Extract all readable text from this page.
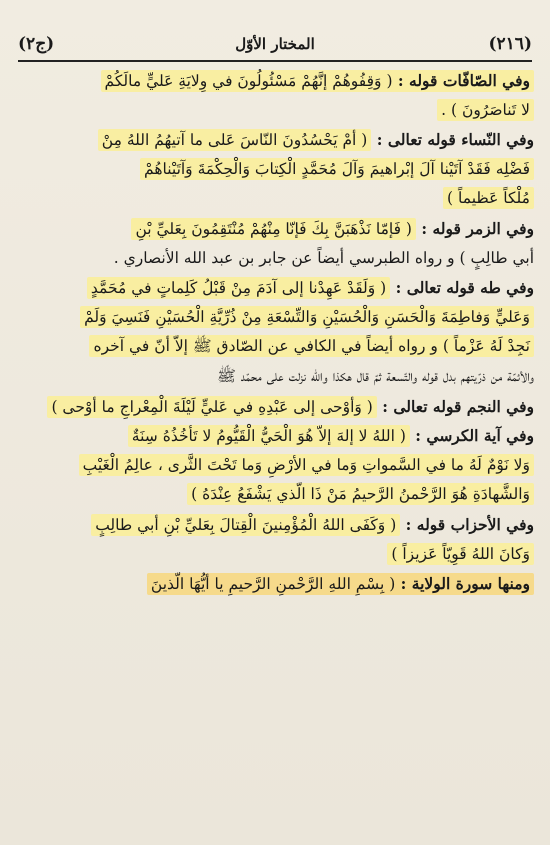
(٢١٦)
المختار الأوّل
(ج٢)
وفي الصّافّات قوله : ( وَقِفُوهُمْ إنَّهُمْ مَسْئُولُونَ في وِلايَةِ عَليٍّ مالَكُمْ
لا تَناصَرُونَ ) .
وفي النّساء قوله تعالى : ( أمْ يَحْسُدُونَ النّاسَ عَلى ما آتيهُمُ اللهُ مِنْ
فَضْلِه فَقَدْ آتَيْنا آلَ إبْراهيمَ وَآلَ مُحَمَّدٍ الْكِتابَ وَالْحِكْمَةَ وَآتَيْناهُمْ
مُلْكاً عَظيماً )
وفي الزمر قوله : ( فَإمّا نَذْهَبَنَّ بِكَ فَإنّا مِنْهُمْ مُنْتَقِمُونَ بِعَليِّ بْنِ
أبي طالِبٍ ) و رواه الطبرسي أيضاً عن جابر بن عبد الله الأنصاري .
وفي طه قوله تعالى : ( وَلَقَدْ عَهِدْنا إلى آدَمَ مِنْ قَبْلُ كَلِماتٍ في مُحَمَّدٍ
وَعَليٍّ وَفاطِمَةَ وَالْحَسَنِ وَالْحُسَيْنِ وَالتِّسْعَةِ مِنْ ذُرِّيَّةِ الْحُسَيْنِ فَنَسِيَ وَلَمْ
نَجِدْ لَهُ عَزْماً ) و رواه أيضاً في الكافي عن الصّادق ﷺ إلاّ أنّ في آخره
والأئمّة من ذرّيتهم بدل قوله والتّسعة ثمّ قال هكذا والله نزلت على محمّد ﷺ
وفي النجم قوله تعالى : ( وَأوْحى إلى عَبْدِهِ في عَليٍّ لَيْلَةَ الْمِعْراجِ ما أوْحى )
وفي آية الكرسي : ( اللهُ لا إلهَ إلاّ هُوَ الْحَيُّ الْقَيُّومُ لا تَأخُذُهُ سِنَةٌ
وَلا نَوْمٌ لَهُ ما في السَّمواتِ وَما في الأرْضِ وَما تَحْتَ الثَّرى ، عالِمُ الْغَيْبِ
وَالشَّهادَةِ هُوَ الرَّحْمنُ الرَّحيمُ مَنْ ذَا الّذي يَشْفَعُ عِنْدَهُ )
وفي الأحزاب قوله : ( وَكَفَى اللهُ الْمُؤْمِنينَ الْقِتالَ بِعَليِّ بْنِ أبي طالِبٍ
وَكانَ اللهُ قَوِيّاً عَزيزاً )
ومنها سورة الولاية : ( بِسْمِ اللهِ الرَّحْمنِ الرَّحيمِ يا أيُّهَا الّذينَ
